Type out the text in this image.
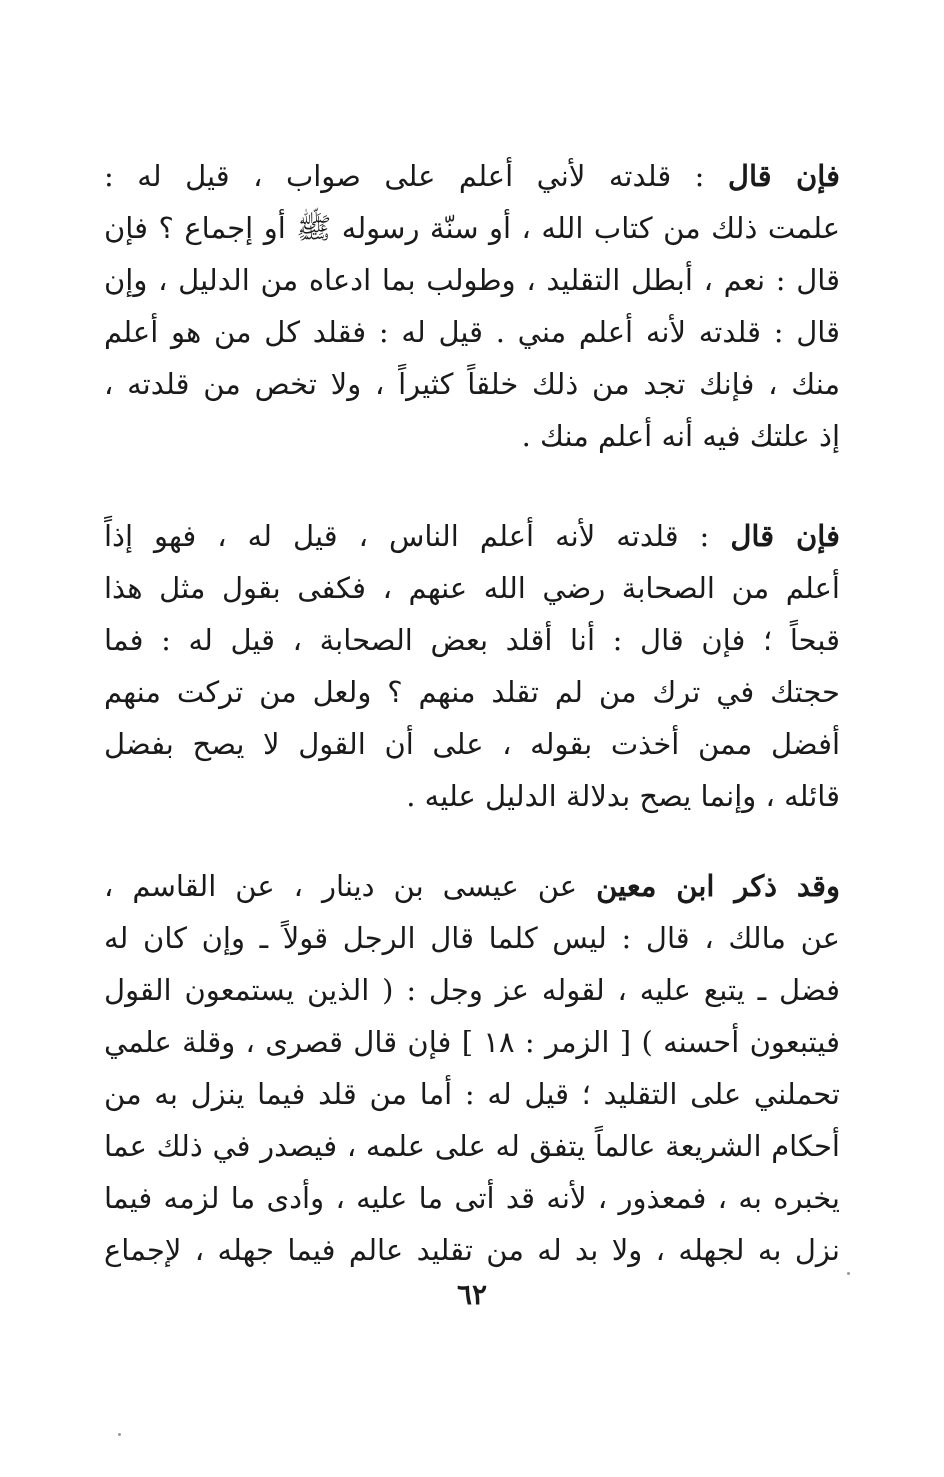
فإن قال : قلدته لأني أعلم على صواب ، قيل له :
علمت ذلك من كتاب الله ، أو سنّة رسوله ﷺ أو إجماع ؟ فإن
قال : نعم ، أبطل التقليد ، وطولب بما ادعاه من الدليل ، وإن
قال : قلدته لأنه أعلم مني . قيل له : فقلد كل من هو أعلم
منك ، فإنك تجد من ذلك خلقاً كثيراً ، ولا تخص من قلدته ،
إذ علتك فيه أنه أعلم منك .
فإن قال : قلدته لأنه أعلم الناس ، قيل له ، فهو إذاً
أعلم من الصحابة رضي الله عنهم ، فكفى بقول مثل هذا
قبحاً ؛ فإن قال : أنا أقلد بعض الصحابة ، قيل له : فما
حجتك في ترك من لم تقلد منهم ؟ ولعل من تركت منهم
أفضل ممن أخذت بقوله ، على أن القول لا يصح بفضل
قائله ، وإنما يصح بدلالة الدليل عليه .
وقد ذكر ابن معين عن عيسى بن دينار ، عن القاسم ،
عن مالك ، قال : ليس كلما قال الرجل قولاً ـ وإن كان له
فضل ـ يتبع عليه ، لقوله عز وجل : ( الذين يستمعون القول
فيتبعون أحسنه ) [ الزمر : ١٨ ] فإن قال قصرى ، وقلة علمي
تحملني على التقليد ؛ قيل له : أما من قلد فيما ينزل به من
أحكام الشريعة عالماً يتفق له على علمه ، فيصدر في ذلك عما
يخبره به ، فمعذور ، لأنه قد أتى ما عليه ، وأدى ما لزمه فيما
نزل به لجهله ، ولا بد له من تقليد عالم فيما جهله ، لإجماع
٦٢
